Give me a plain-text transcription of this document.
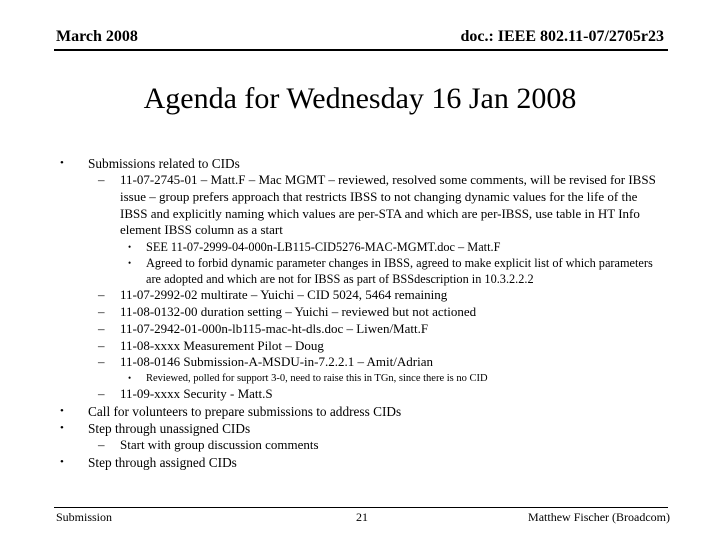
March 2008	doc.: IEEE 802.11-07/2705r23
Agenda for Wednesday 16 Jan 2008
• Submissions related to CIDs
– 11-07-2745-01 – Matt.F – Mac MGMT – reviewed, resolved some comments, will be revised for IBSS issue – group prefers approach that restricts IBSS to not changing dynamic values for the life of the IBSS and explicitly naming which values are per-STA and which are per-IBSS, use table in HT Info element IBSS column as a start
• SEE 11-07-2999-04-000n-LB115-CID5276-MAC-MGMT.doc – Matt.F
• Agreed to forbid dynamic parameter changes in IBSS, agreed to make explicit list of which parameters are adopted and which are not for IBSS as part of BSSdescription in 10.3.2.2.2
– 11-07-2992-02 multirate – Yuichi – CID 5024, 5464 remaining
– 11-08-0132-00 duration setting – Yuichi – reviewed but not actioned
– 11-07-2942-01-000n-lb115-mac-ht-dls.doc – Liwen/Matt.F
– 11-08-xxxx Measurement Pilot – Doug
– 11-08-0146 Submission-A-MSDU-in-7.2.2.1 – Amit/Adrian
• Reviewed, polled for support 3-0, need to raise this in TGn, since there is no CID
– 11-09-xxxx Security - Matt.S
• Call for volunteers to prepare submissions to address CIDs
• Step through unassigned CIDs
– Start with group discussion comments
• Step through assigned CIDs
Submission	21	Matthew Fischer (Broadcom)
